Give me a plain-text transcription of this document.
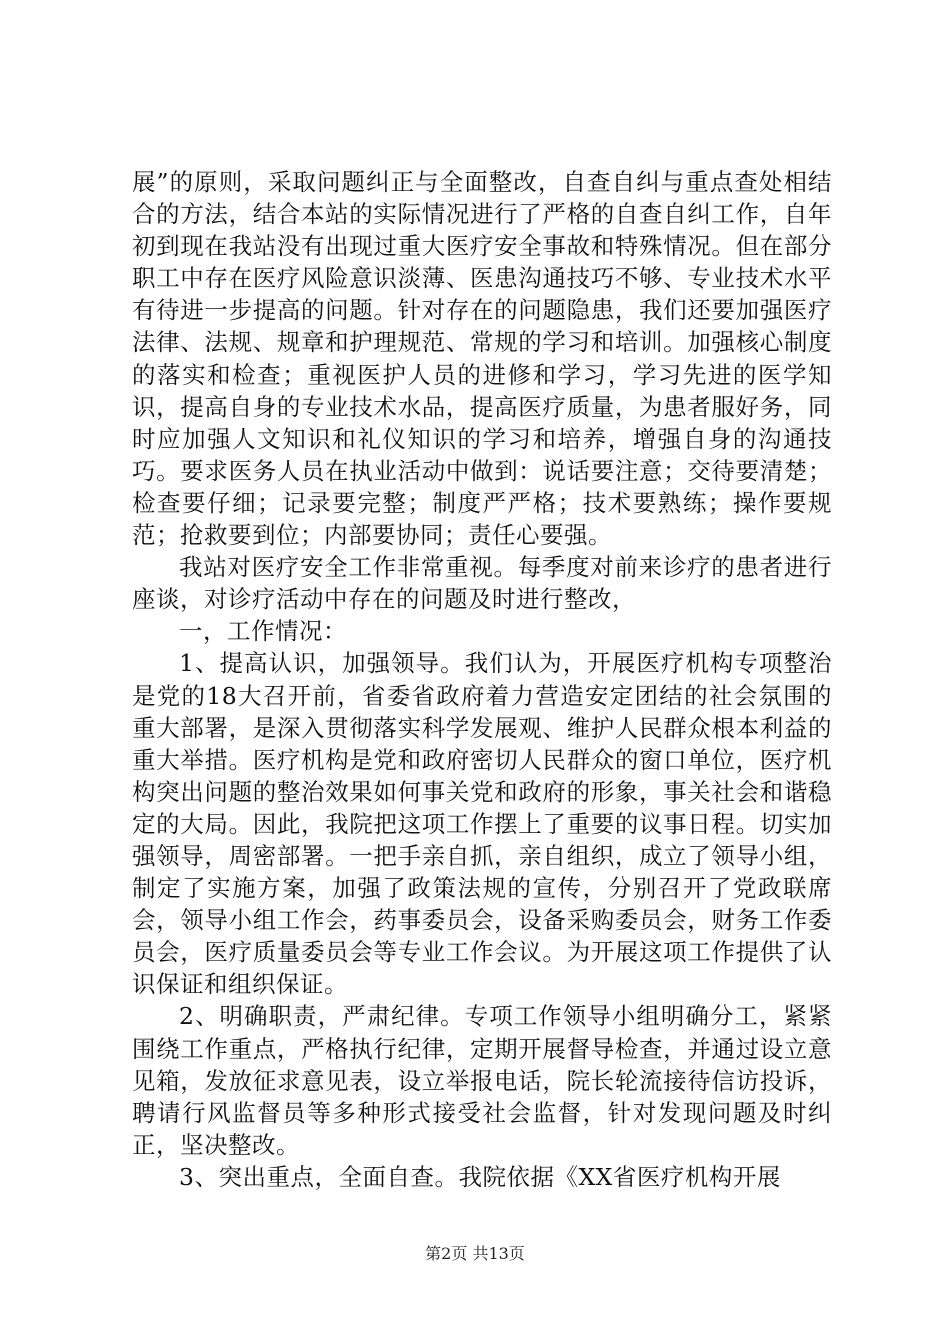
展”的原则，采取问题纠正与全面整改，自查自纠与重点查处相结合的方法，结合本站的实际情况进行了严格的自查自纠工作，自年初到现在我站没有出现过重大医疗安全事故和特殊情况。但在部分职工中存在医疗风险意识淡薄、医患沟通技巧不够、专业技术水平有待进一步提高的问题。针对存在的问题隐患，我们还要加强医疗法律、法规、规章和护理规范、常规的学习和培训。加强核心制度的落实和检查；重视医护人员的进修和学习，学习先进的医学知识，提高自身的专业技术水品，提高医疗质量，为患者服好务，同时应加强人文知识和礼仪知识的学习和培养，增强自身的沟通技巧。要求医务人员在执业活动中做到：说话要注意；交待要清楚；检查要仔细；记录要完整；制度严严格；技术要熟练；操作要规范；抢救要到位；内部要协同；责任心要强。

我站对医疗安全工作非常重视。每季度对前来诊疗的患者进行座谈，对诊疗活动中存在的问题及时进行整改，

一，工作情况：

1、提高认识，加强领导。我们认为，开展医疗机构专项整治是党的18大召开前，省委省政府着力营造安定团结的社会氛围的重大部署，是深入贯彻落实科学发展观、维护人民群众根本利益的重大举措。医疗机构是党和政府密切人民群众的窗口单位，医疗机构突出问题的整治效果如何事关党和政府的形象，事关社会和谐稳定的大局。因此，我院把这项工作摆上了重要的议事日程。切实加强领导，周密部署。一把手亲自抓，亲自组织，成立了领导小组，制定了实施方案，加强了政策法规的宣传，分别召开了党政联席会，领导小组工作会，药事委员会，设备采购委员会，财务工作委员会，医疗质量委员会等专业工作会议。为开展这项工作提供了认识保证和组织保证。

2、明确职责，严肃纪律。专项工作领导小组明确分工，紧紧围绕工作重点，严格执行纪律，定期开展督导检查，并通过设立意见箱，发放征求意见表，设立举报电话，院长轮流接待信访投诉，聘请行风监督员等多种形式接受社会监督，针对发现问题及时纠正，坚决整改。

3、突出重点，全面自查。我院依据《XX省医疗机构开展

第2页 共13页
